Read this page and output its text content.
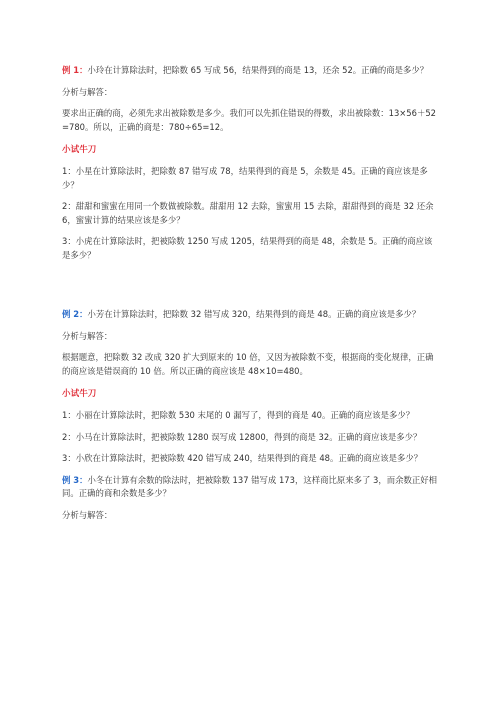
例 1：小玲在计算除法时，把除数 65 写成 56，结果得到的商是 13，还余 52。正确的商是多少？

分析与解答：

要求出正确的商，必须先求出被除数是多少。我们可以先抓住错误的得数，求出被除数：13×56＋52=780。所以，正确的商是：780÷65=12。

小试牛刀

1：小星在计算除法时，把除数 87 错写成 78，结果得到的商是 5，余数是 45。正确的商应该是多少？

2：甜甜和蜜蜜在用同一个数做被除数。甜甜用 12 去除，蜜蜜用 15 去除，甜甜得到的商是 32 还余 6，蜜蜜计算的结果应该是多少？

3：小虎在计算除法时，把被除数 1250 写成 1205，结果得到的商是 48，余数是 5。正确的商应该是多少？

例 2：小芳在计算除法时，把除数 32 错写成 320，结果得到的商是 48。正确的商应该是多少？

分析与解答：

根据题意，把除数 32 改成 320 扩大到原来的 10 倍，又因为被除数不变，根据商的变化规律，正确的商应该是错误商的 10 倍。所以正确的商应该是 48×10=480。

小试牛刀

1：小丽在计算除法时，把除数 530 末尾的 0 漏写了，得到的商是 40。正确的商应该是多少？

2：小马在计算除法时，把被除数 1280 误写成 12800，得到的商是 32。正确的商应该是多少？

3：小欣在计算除法时，把被除数 420 错写成 240，结果得到的商是 48。正确的商应该是多少？

例 3：小冬在计算有余数的除法时，把被除数 137 错写成 173，这样商比原来多了 3，而余数正好相同。正确的商和余数是多少？

分析与解答：
